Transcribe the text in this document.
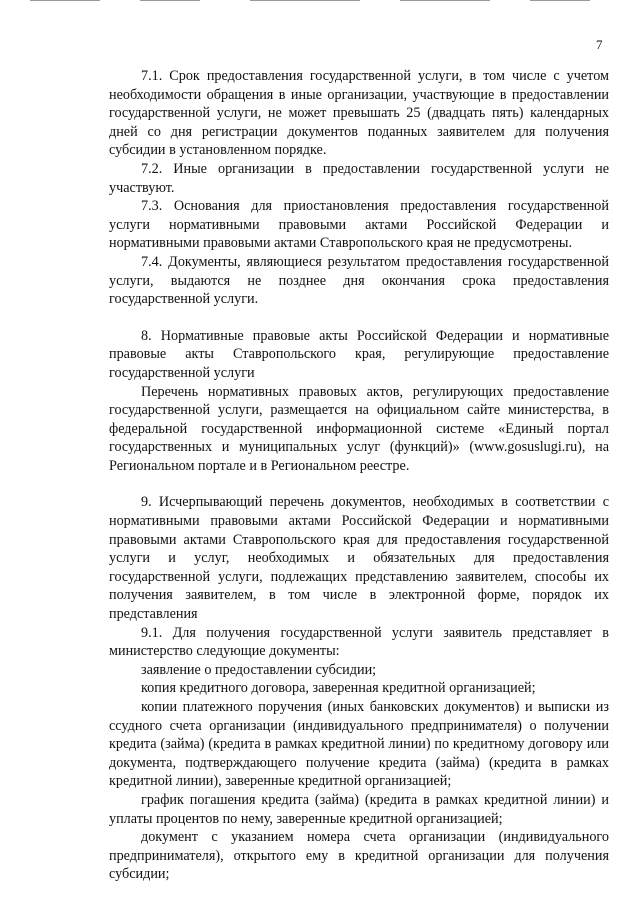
7

7.1. Срок предоставления государственной услуги, в том числе с учетом необходимости обращения в иные организации, участвующие в предоставлении государственной услуги, не может превышать 25 (двадцать пять) календарных дней со дня регистрации документов поданных заявителем для получения субсидии в установленном порядке.

7.2. Иные организации в предоставлении государственной услуги не участвуют.

7.3. Основания для приостановления предоставления государственной услуги нормативными правовыми актами Российской Федерации и нормативными правовыми актами Ставропольского края не предусмотрены.

7.4. Документы, являющиеся результатом предоставления государственной услуги, выдаются не позднее дня окончания срока предоставления государственной услуги.

8. Нормативные правовые акты Российской Федерации и нормативные правовые акты Ставропольского края, регулирующие предоставление государственной услуги

Перечень нормативных правовых актов, регулирующих предоставление государственной услуги, размещается на официальном сайте министерства, в федеральной государственной информационной системе «Единый портал государственных и муниципальных услуг (функций)» (www.gosuslugi.ru), на Региональном портале и в Региональном реестре.

9. Исчерпывающий перечень документов, необходимых в соответствии с нормативными правовыми актами Российской Федерации и нормативными правовыми актами Ставропольского края для предоставления государственной услуги и услуг, необходимых и обязательных для предоставления государственной услуги, подлежащих представлению заявителем, способы их получения заявителем, в том числе в электронной форме, порядок их представления

9.1. Для получения государственной услуги заявитель представляет в министерство следующие документы:

заявление о предоставлении субсидии;

копия кредитного договора, заверенная кредитной организацией;

копии платежного поручения (иных банковских документов) и выписки из ссудного счета организации (индивидуального предпринимателя) о получении кредита (займа) (кредита в рамках кредитной линии) по кредитному договору или документа, подтверждающего получение кредита (займа) (кредита в рамках кредитной линии), заверенные кредитной организацией;

график погашения кредита (займа) (кредита в рамках кредитной линии) и уплаты процентов по нему, заверенные кредитной организацией;

документ с указанием номера счета организации (индивидуального предпринимателя), открытого ему в кредитной организации для получения субсидии;
